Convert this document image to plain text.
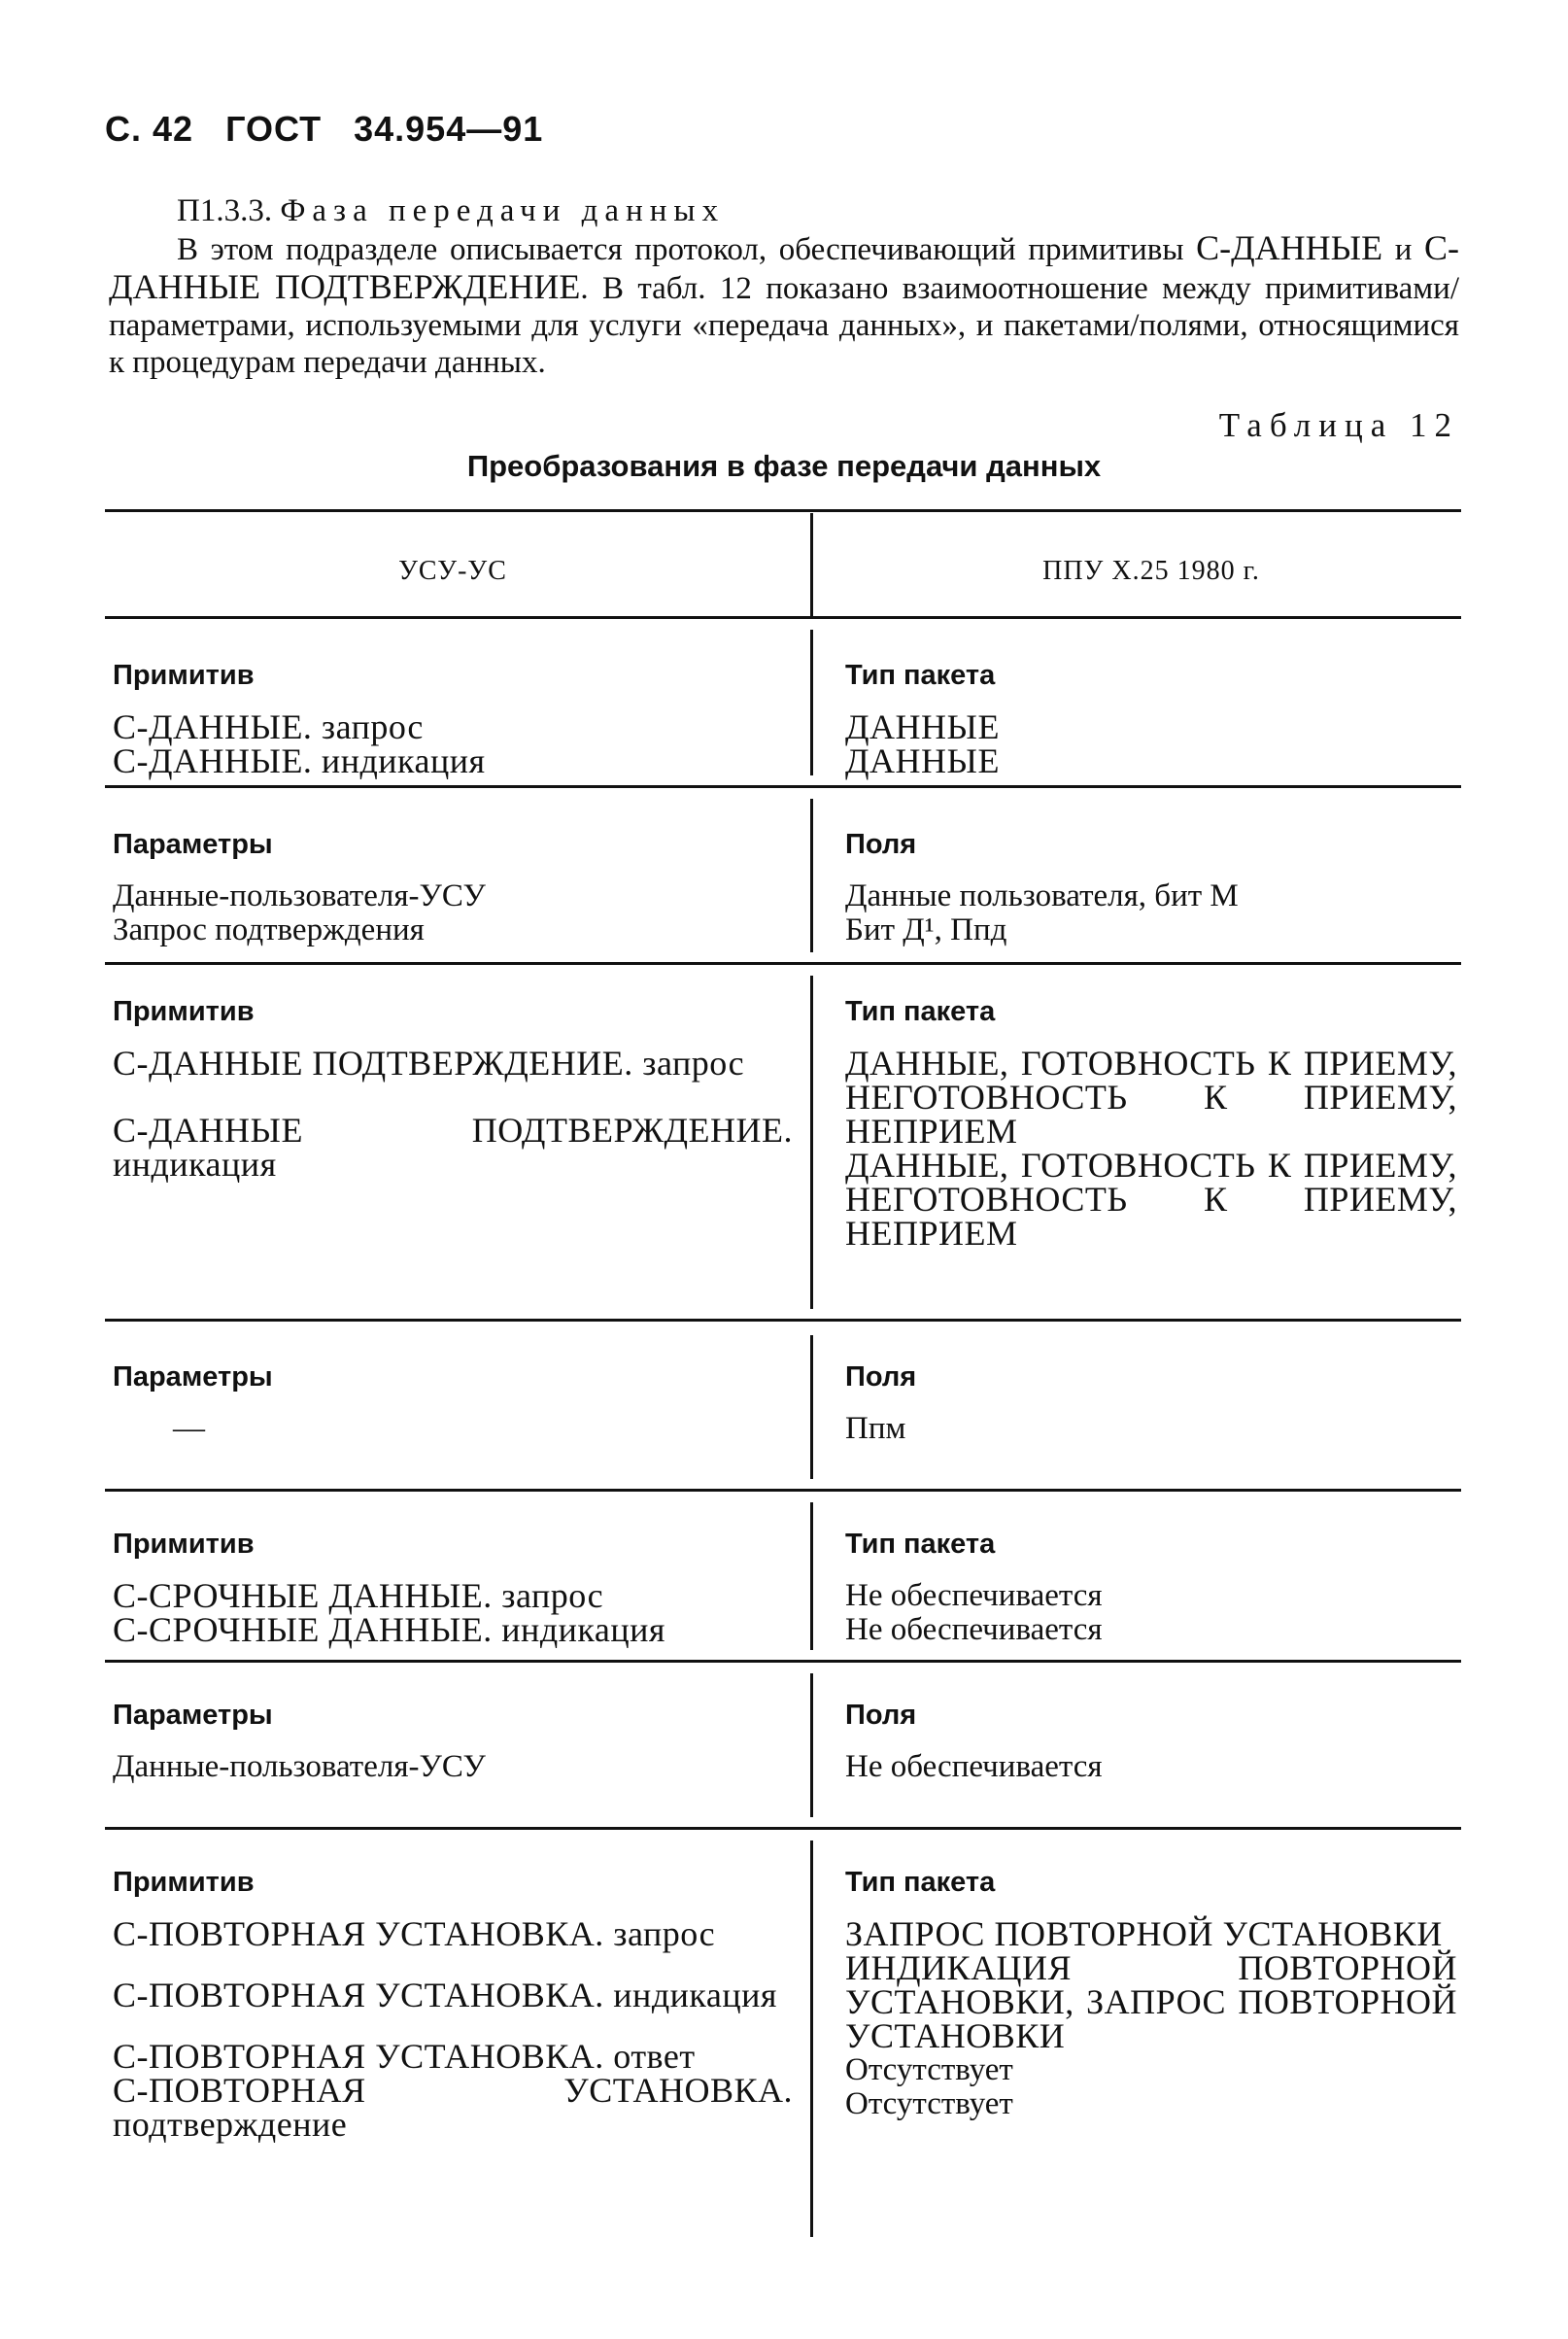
С. 42 ГОСТ 34.954—91

П1.3.3. Фаза передачи данных

В этом подразделе описывается протокол, обеспечивающий примитивы С-ДАННЫЕ и С-ДАННЫЕ ПОДТВЕРЖДЕНИЕ. В табл. 12 показано взаимоотношение между примитивами/параметрами, используемыми для услуги «передача данных», и пакетами/полями, относящимися к процедурам передачи данных.

Таблица 12
Преобразования в фазе передачи данных
УСУ-УС	ППУ Х.25 1980 г.
Примитив
С-ДАННЫЕ. запрос
С-ДАННЫЕ. индикация
Тип пакета
ДАННЫЕ
ДАННЫЕ
Параметры
Данные-пользователя-УСУ
Запрос подтверждения
Поля
Данные пользователя, бит М
Бит Д¹, Ппд
Примитив
С-ДАННЫЕ ПОДТВЕРЖДЕНИЕ. запрос
С-ДАННЫЕ ПОДТВЕРЖДЕНИЕ. индикация
Тип пакета
ДАННЫЕ, ГОТОВНОСТЬ К ПРИЕМУ, НЕГОТОВНОСТЬ К ПРИЕМУ, НЕПРИЕМ
ДАННЫЕ, ГОТОВНОСТЬ К ПРИЕМУ, НЕГОТОВНОСТЬ К ПРИЕМУ, НЕПРИЕМ
Параметры
—
Поля
Ппм
Примитив
С-СРОЧНЫЕ ДАННЫЕ. запрос
С-СРОЧНЫЕ ДАННЫЕ. индикация
Тип пакета
Не обеспечивается
Не обеспечивается
Параметры
Данные-пользователя-УСУ
Поля
Не обеспечивается
Примитив
С-ПОВТОРНАЯ УСТАНОВКА. запрос
С-ПОВТОРНАЯ УСТАНОВКА. индикация
С-ПОВТОРНАЯ УСТАНОВКА. ответ
С-ПОВТОРНАЯ УСТАНОВКА. подтверждение
Тип пакета
ЗАПРОС ПОВТОРНОЙ УСТАНОВКИ
ИНДИКАЦИЯ ПОВТОРНОЙ УСТАНОВКИ, ЗАПРОС ПОВТОРНОЙ УСТАНОВКИ
Отсутствует
Отсутствует
